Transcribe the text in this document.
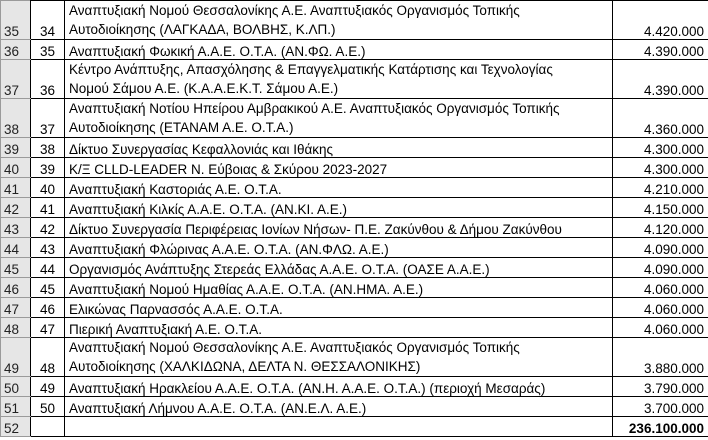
35	34	Αναπτυξιακή Νομού Θεσσαλονίκης Α.Ε. Αναπτυξιακός Οργανισμός Τοπικής
Αυτοδιοίκησης (ΛΑΓΚΑΔΑ, ΒΟΛΒΗΣ, Κ.ΛΠ.)	4.420.000
36	35	Αναπτυξιακή Φωκική Α.Α.Ε. Ο.Τ.Α. (ΑΝ.ΦΩ. Α.Ε.)	4.390.000
37	36	Κέντρο Ανάπτυξης, Απασχόλησης & Επαγγελματικής Κατάρτισης και Τεχνολογίας
Νομού Σάμου Α.Ε. (Κ.Α.Α.Ε.Κ.Τ. Σάμου Α.Ε.)	4.390.000
38	37	Αναπτυξιακή Νοτίου Ηπείρου Αμβρακικού Α.Ε. Αναπτυξιακός Οργανισμός Τοπικής
Αυτοδιοίκησης (ΕΤΑΝΑΜ Α.Ε. Ο.Τ.Α.)	4.360.000
39	38	Δίκτυο Συνεργασίας Κεφαλλονιάς και Ιθάκης	4.300.000
40	39	Κ/Ξ CLLD-LEADER Ν. Εύβοιας & Σκύρου 2023-2027	4.300.000
41	40	Αναπτυξιακή Καστοριάς Α.Ε. Ο.Τ.Α.	4.210.000
42	41	Αναπτυξιακή Κιλκίς Α.Α.Ε. Ο.Τ.Α. (ΑΝ.ΚΙ. Α.Ε.)	4.150.000
43	42	Δίκτυο Συνεργασία Περιφέρειας Ιονίων Νήσων- Π.Ε. Ζακύνθου & Δήμου Ζακύνθου	4.120.000
44	43	Αναπτυξιακή Φλώρινας Α.Α.Ε. Ο.Τ.Α. (ΑΝ.ΦΛΩ. Α.Ε.)	4.090.000
45	44	Οργανισμός Ανάπτυξης Στερεάς Ελλάδας Α.Α.Ε. Ο.Τ.Α. (ΟΑΣΕ Α.Α.Ε.)	4.090.000
46	45	Αναπτυξιακή Νομού Ημαθίας Α.Α.Ε. Ο.Τ.Α. (ΑΝ.ΗΜΑ. Α.Ε.)	4.060.000
47	46	Ελικώνας Παρνασσός Α.Α.Ε. Ο.Τ.Α.	4.060.000
48	47	Πιερική Αναπτυξιακή Α.Ε. Ο.Τ.Α.	4.060.000
49	48	Αναπτυξιακή Νομού Θεσσαλονίκης Α.Ε. Αναπτυξιακός Οργανισμός Τοπικής
Αυτοδιοίκησης (ΧΑΛΚΙΔΩΝΑ, ΔΕΛΤΑ Ν. ΘΕΣΣΑΛΟΝΙΚΗΣ)	3.880.000
50	49	Αναπτυξιακή Ηρακλείου Α.Α.Ε. Ο.Τ.Α. (ΑΝ.Η. Α.Α.Ε. Ο.Τ.Α.) (περιοχή Μεσαράς)	3.790.000
51	50	Αναπτυξιακή Λήμνου Α.Α.Ε. Ο.Τ.Α. (ΑΝ.Ε.Λ. Α.Ε.)	3.700.000
52			236.100.000
